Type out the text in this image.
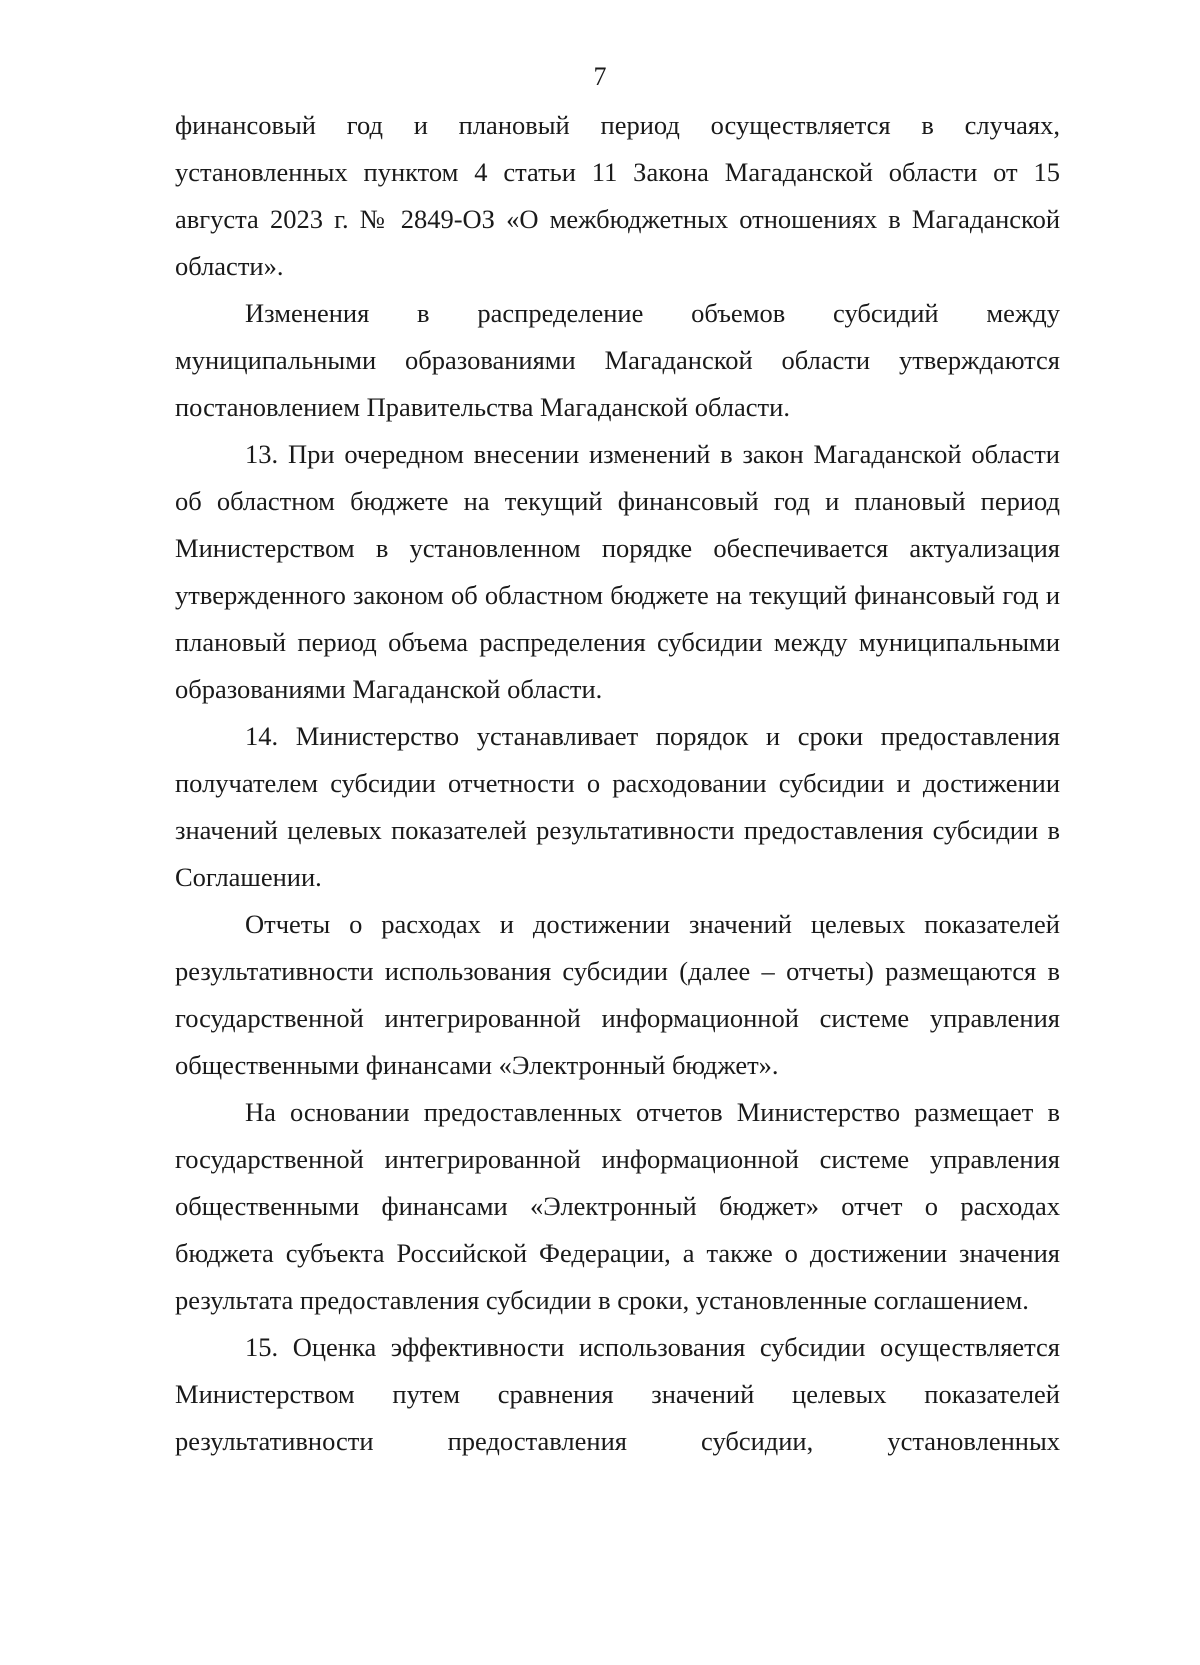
7

финансовый год и плановый период осуществляется в случаях, установленных пунктом 4 статьи 11 Закона Магаданской области от 15 августа 2023 г. № 2849-ОЗ «О межбюджетных отношениях в Магаданской области».

Изменения в распределение объемов субсидий между муниципальными образованиями Магаданской области утверждаются постановлением Правительства Магаданской области.

13. При очередном внесении изменений в закон Магаданской области об областном бюджете на текущий финансовый год и плановый период Министерством в установленном порядке обеспечивается актуализация утвержденного законом об областном бюджете на текущий финансовый год и плановый период объема распределения субсидии между муниципальными образованиями Магаданской области.

14. Министерство устанавливает порядок и сроки предоставления получателем субсидии отчетности о расходовании субсидии и достижении значений целевых показателей результативности предоставления субсидии в Соглашении.

Отчеты о расходах и достижении значений целевых показателей результативности использования субсидии (далее – отчеты) размещаются в государственной интегрированной информационной системе управления общественными финансами «Электронный бюджет».

На основании предоставленных отчетов Министерство размещает в государственной интегрированной информационной системе управления общественными финансами «Электронный бюджет» отчет о расходах бюджета субъекта Российской Федерации, а также о достижении значения результата предоставления субсидии в сроки, установленные соглашением.

15. Оценка эффективности использования субсидии осуществляется Министерством путем сравнения значений целевых показателей результативности предоставления субсидии, установленных
